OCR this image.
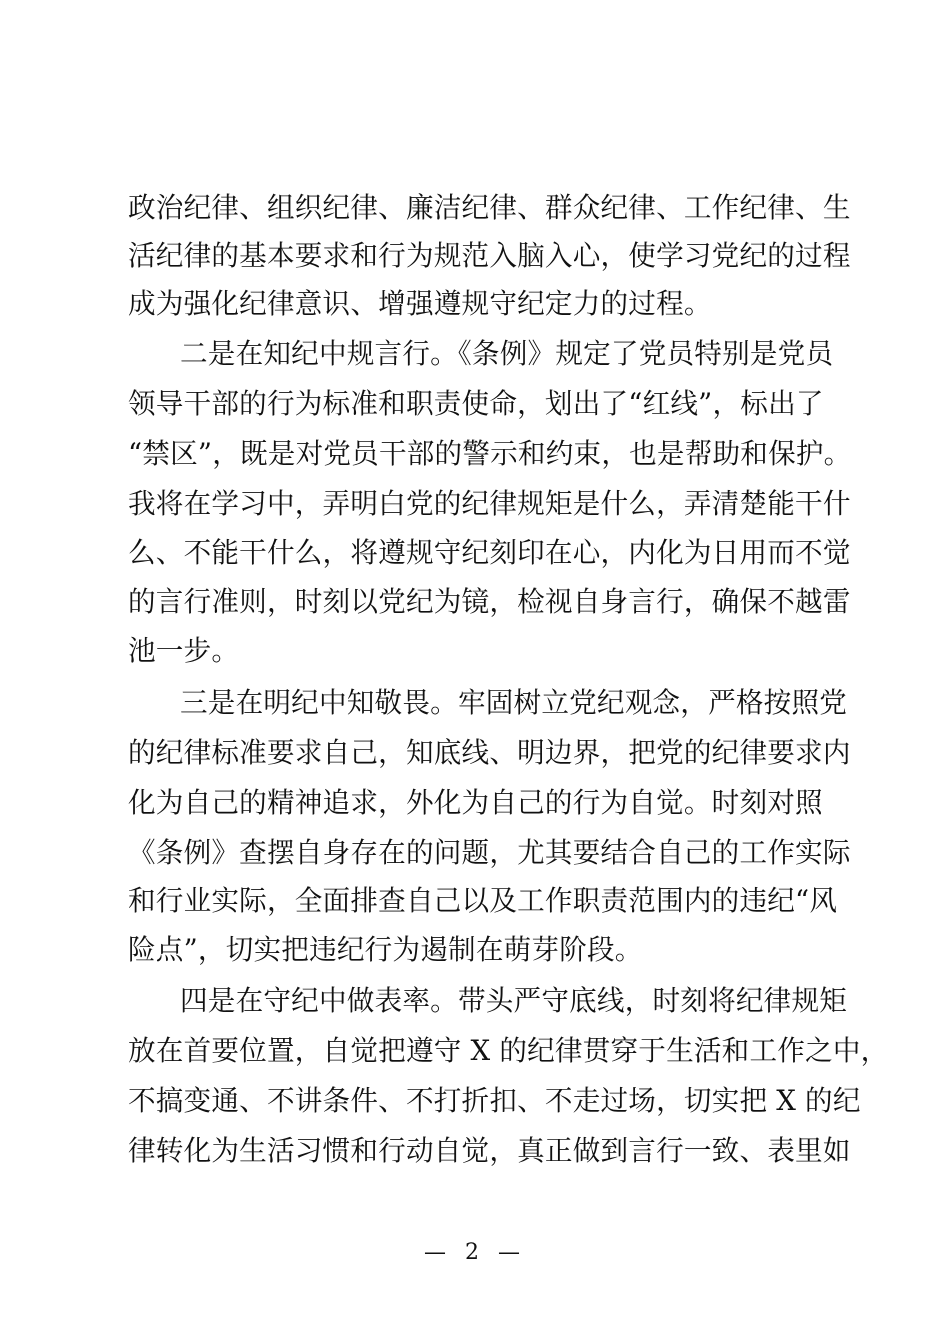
政治纪律、组织纪律、廉洁纪律、群众纪律、工作纪律、生
活纪律的基本要求和行为规范入脑入心，使学习党纪的过程
成为强化纪律意识、增强遵规守纪定力的过程。
二是在知纪中规言行。《条例》规定了党员特别是党员
领导干部的行为标准和职责使命，划出了“红线”，标出了
“禁区”，既是对党员干部的警示和约束，也是帮助和保护。
我将在学习中，弄明白党的纪律规矩是什么，弄清楚能干什
么、不能干什么，将遵规守纪刻印在心，内化为日用而不觉
的言行准则，时刻以党纪为镜，检视自身言行，确保不越雷
池一步。
三是在明纪中知敬畏。牢固树立党纪观念，严格按照党
的纪律标准要求自己，知底线、明边界，把党的纪律要求内
化为自己的精神追求，外化为自己的行为自觉。时刻对照
《条例》查摆自身存在的问题，尤其要结合自己的工作实际
和行业实际，全面排查自己以及工作职责范围内的违纪“风
险点”，切实把违纪行为遏制在萌芽阶段。
四是在守纪中做表率。带头严守底线，时刻将纪律规矩
放在首要位置，自觉把遵守 X 的纪律贯穿于生活和工作之中，
不搞变通、不讲条件、不打折扣、不走过场，切实把 X 的纪
律转化为生活习惯和行动自觉，真正做到言行一致、表里如
— 2 —
